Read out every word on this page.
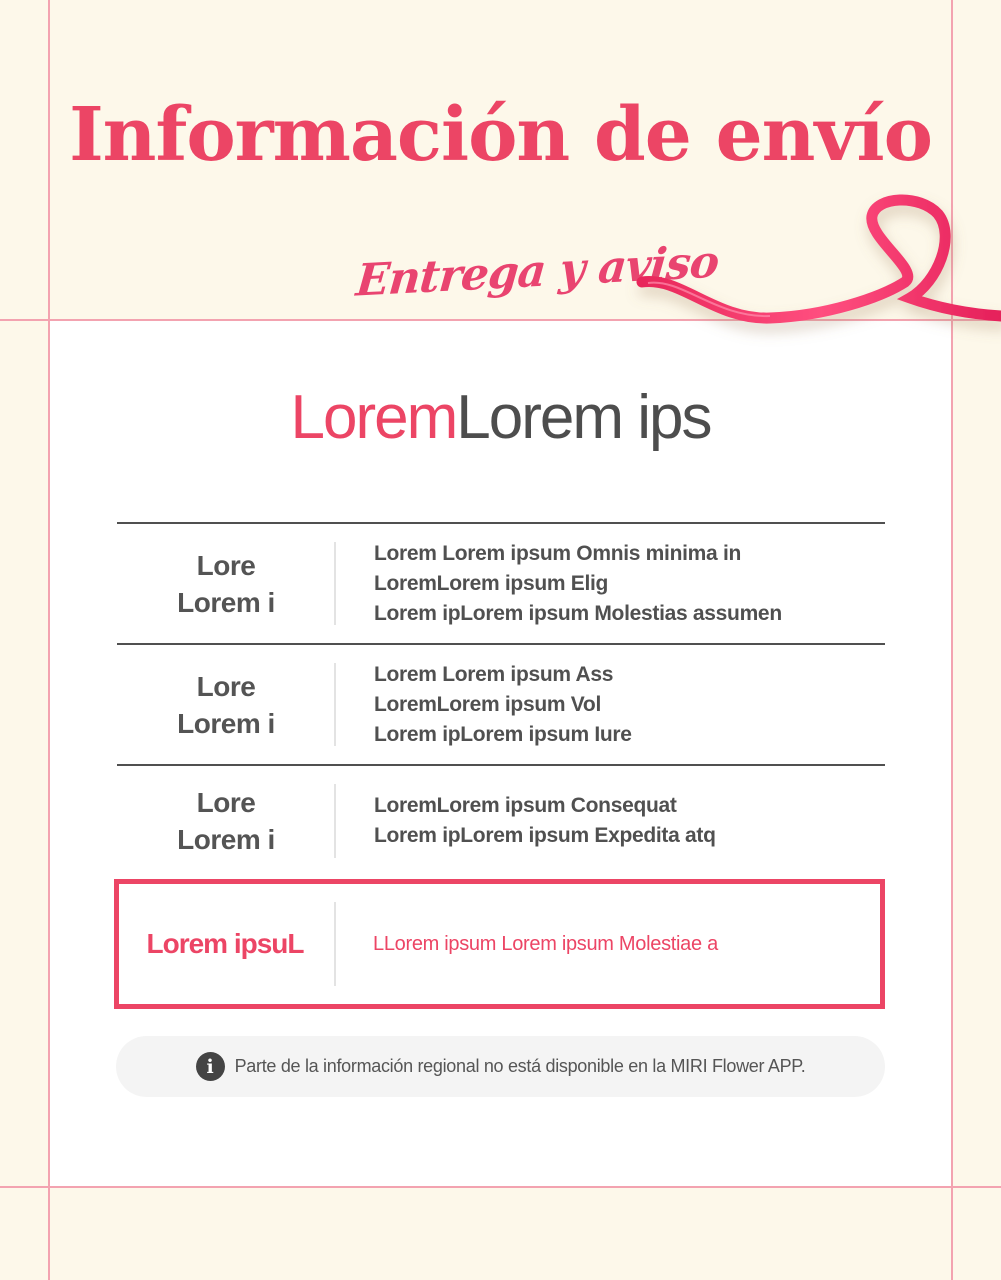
Información de envío
Entrega y aviso
LoremLorem ips
Lore
Lorem i
Lorem Lorem ipsum Omnis minima in
LoremLorem ipsum Elig
Lorem ipLorem ipsum Molestias assumen
Lore
Lorem i
Lorem Lorem ipsum Ass
LoremLorem ipsum Vol
Lorem ipLorem ipsum Iure
Lore
Lorem i
LoremLorem ipsum Consequat
Lorem ipLorem ipsum Expedita atq
Lorem ipsuL	LLorem ipsum Lorem ipsum Molestiae a
i	Parte de la información regional no está disponible en la MIRI Flower APP.
